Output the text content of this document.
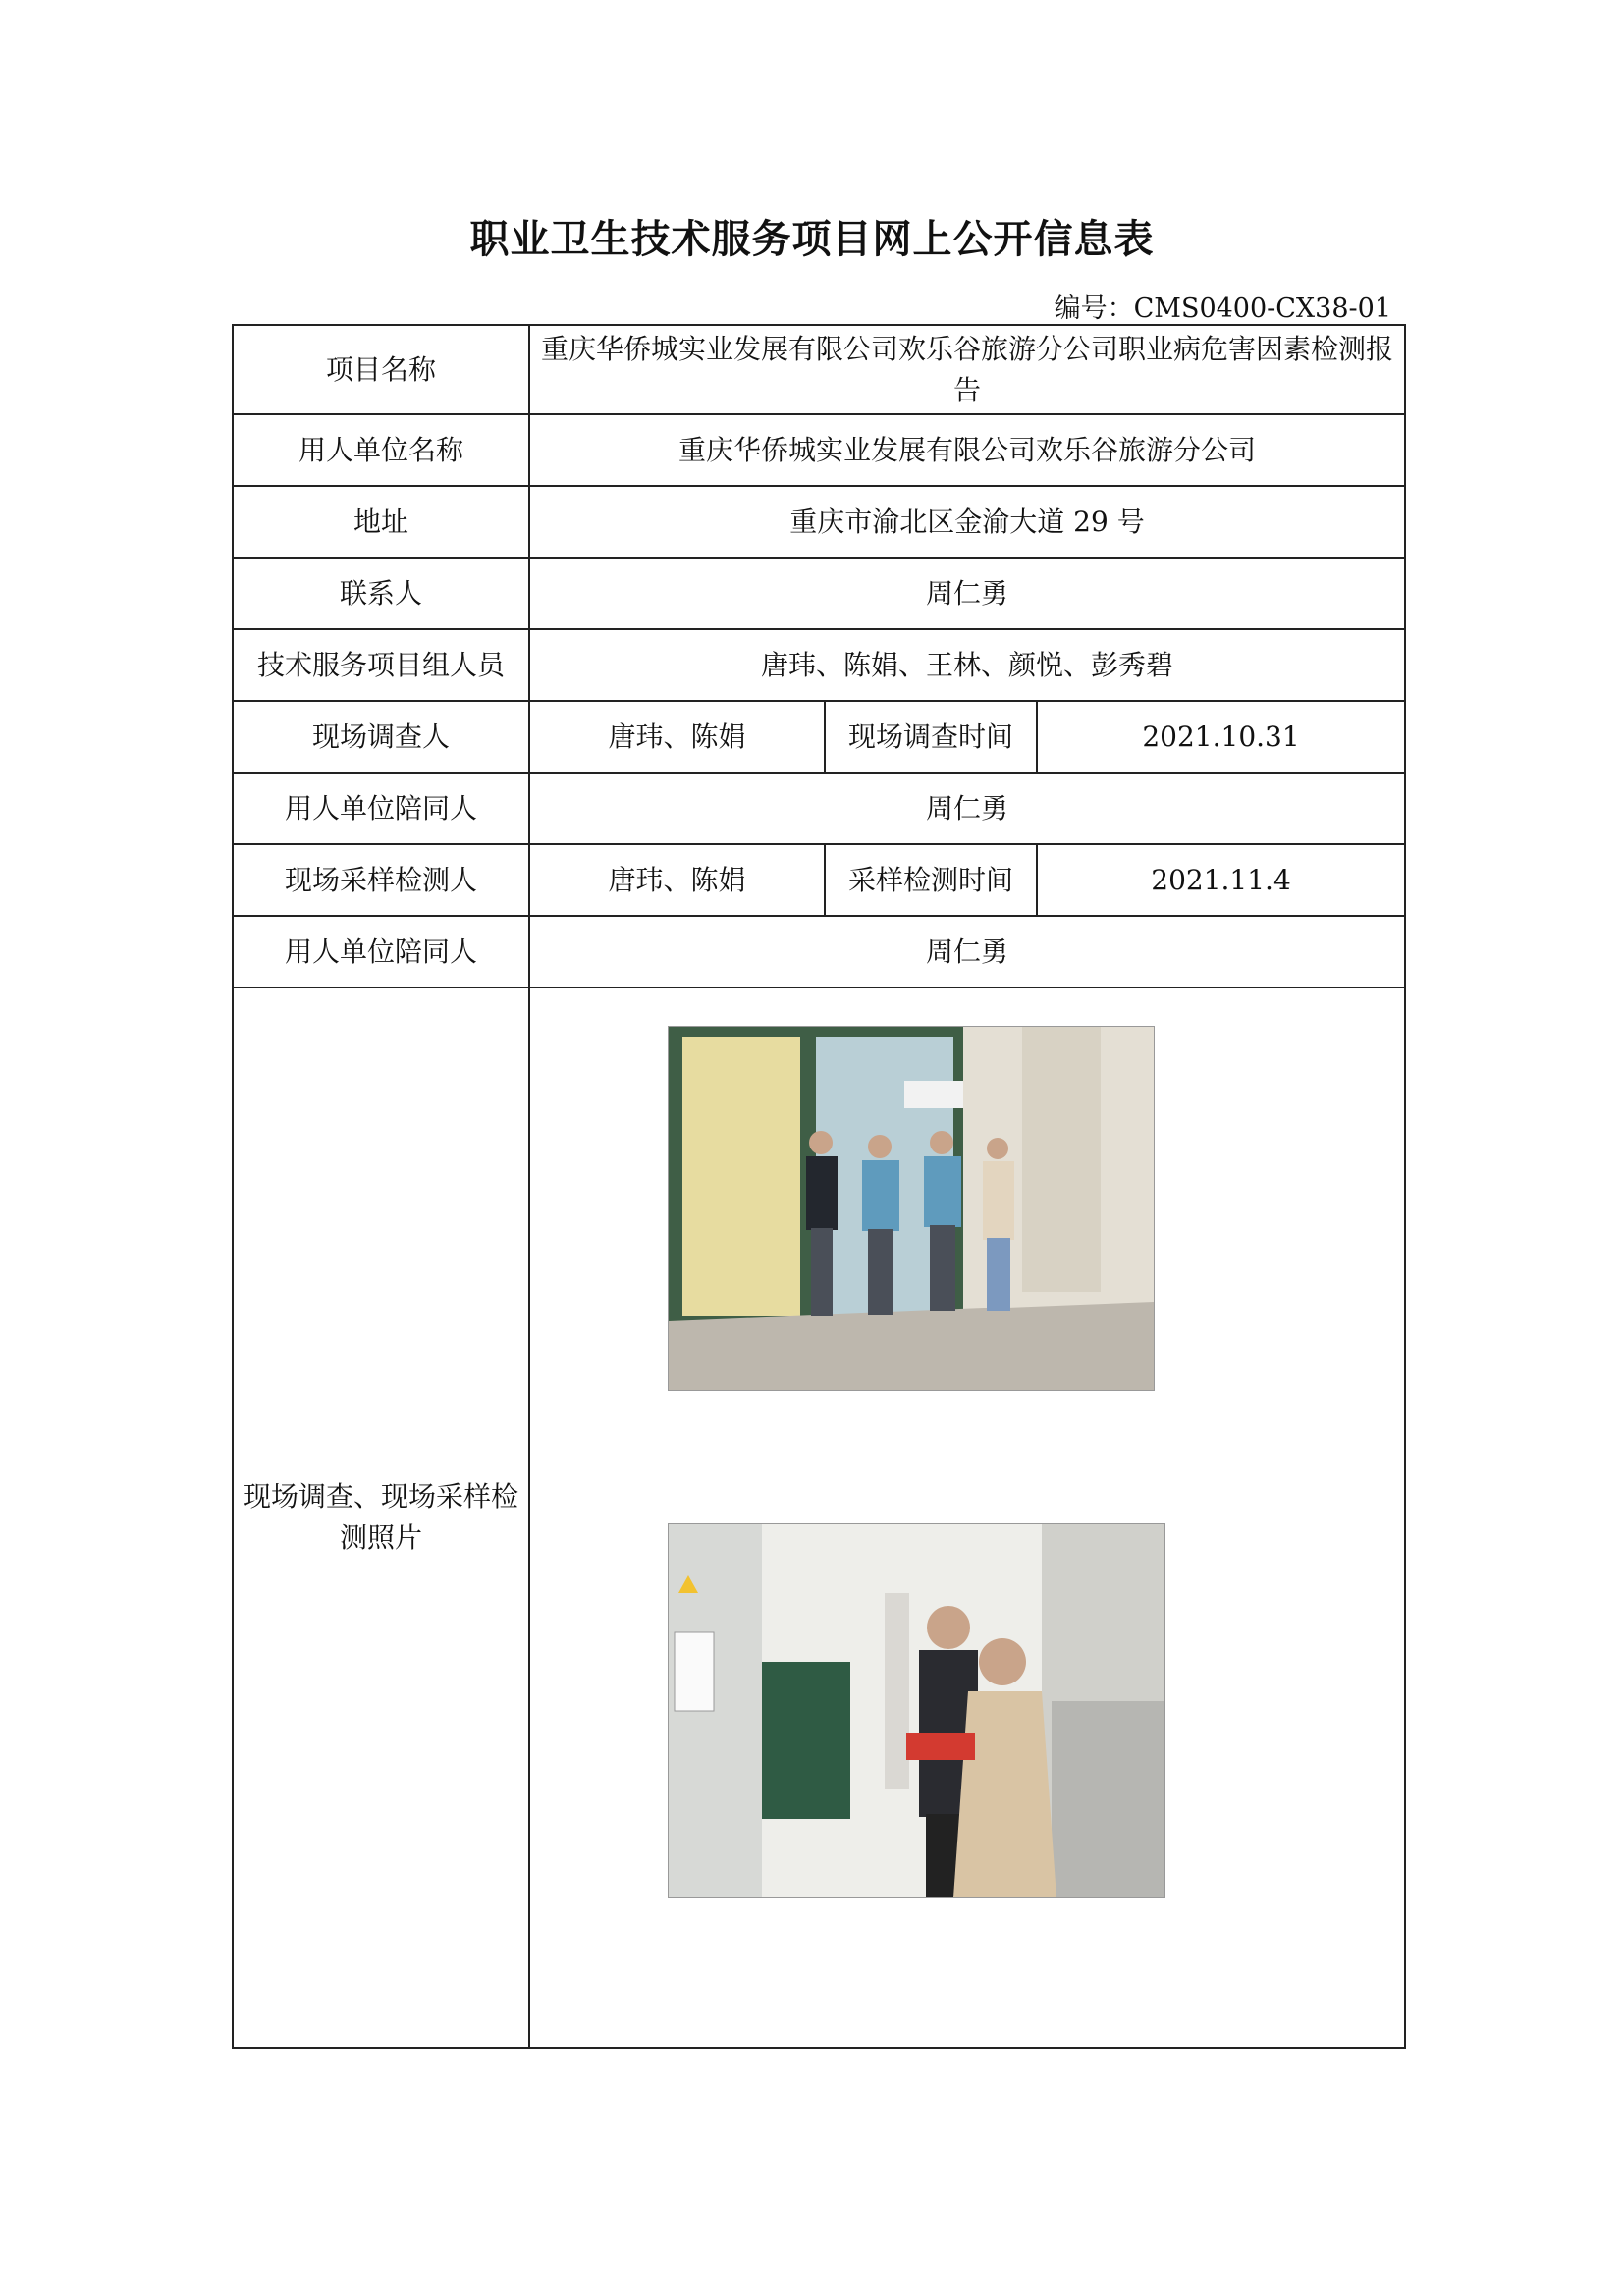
职业卫生技术服务项目网上公开信息表
编号：CMS0400-CX38-01
项目名称	重庆华侨城实业发展有限公司欢乐谷旅游分公司职业病危害因素检测报告		
用人单位名称	重庆华侨城实业发展有限公司欢乐谷旅游分公司		
地址	重庆市渝北区金渝大道 29 号		
联系人	周仁勇		
技术服务项目组人员	唐玮、陈娟、王林、颜悦、彭秀碧		
现场调查人	唐玮、陈娟	现场调查时间	2021.10.31
用人单位陪同人	周仁勇		
现场采样检测人	唐玮、陈娟	采样检测时间	2021.11.4
用人单位陪同人	周仁勇		
现场调查、现场采样检测照片	
